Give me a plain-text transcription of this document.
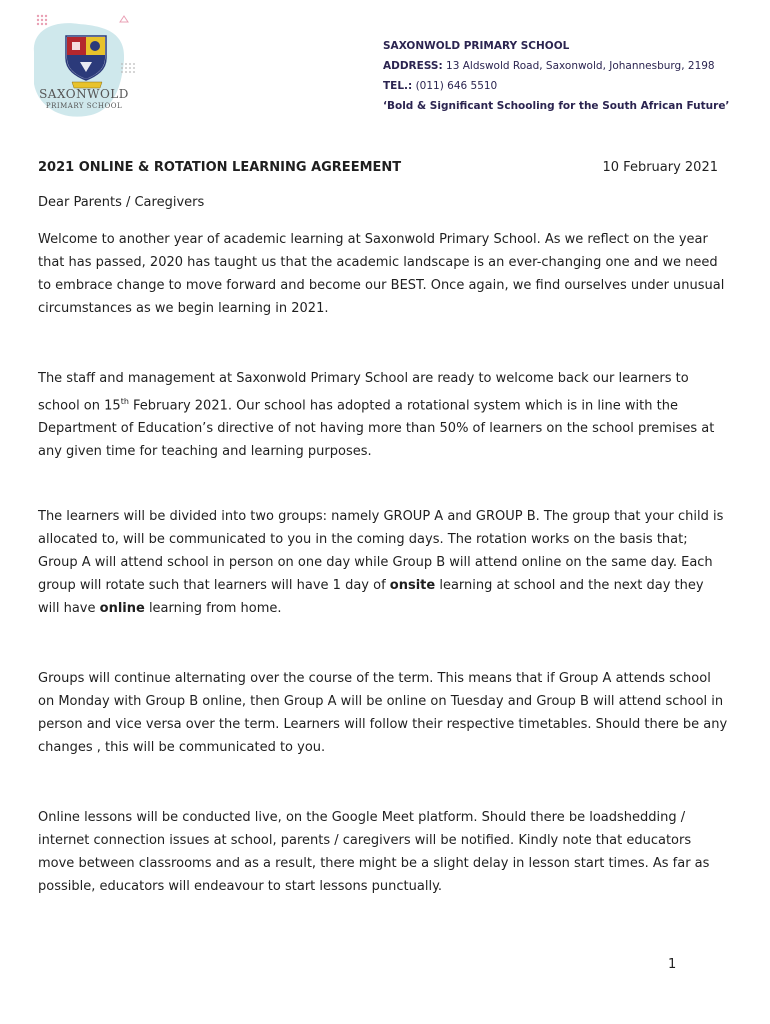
SAXONWOLD
PRIMARY SCHOOL
SAXONWOLD PRIMARY SCHOOL
ADDRESS: 13 Aldswold Road, Saxonwold, Johannesburg, 2198
TEL.: (011) 646 5510
‘Bold & Significant Schooling for the South African Future’
2021 ONLINE & ROTATION LEARNING AGREEMENT	10 February 2021
Dear Parents / Caregivers

Welcome to another year of academic learning at Saxonwold Primary School. As we reflect on the year that has passed, 2020 has taught us that the academic landscape is an ever-changing one and we need to embrace change to move forward and become our BEST. Once again, we find ourselves under unusual circumstances as we begin learning in 2021.

The staff and management at Saxonwold Primary School are ready to welcome back our learners to school on 15th February 2021. Our school has adopted a rotational system which is in line with the Department of Education’s directive of not having more than 50% of learners on the school premises at any given time for teaching and learning purposes.

The learners will be divided into two groups: namely GROUP A and GROUP B. The group that your child is allocated to, will be communicated to you in the coming days. The rotation works on the basis that; Group A will attend school in person on one day while Group B will attend online on the same day. Each group will rotate such that learners will have 1 day of onsite learning at school and the next day they will have online learning from home.

Groups will continue alternating over the course of the term. This means that if Group A attends school on Monday with Group B online, then Group A will be online on Tuesday and Group B will attend school in person and vice versa over the term. Learners will follow their respective timetables. Should there be any changes , this will be communicated to you.

Online lessons will be conducted live, on the Google Meet platform. Should there be loadshedding / internet connection issues at school, parents / caregivers will be notified. Kindly note that educators move between classrooms and as a result, there might be a slight delay in lesson start times. As far as possible, educators will endeavour to start lessons punctually.

1
